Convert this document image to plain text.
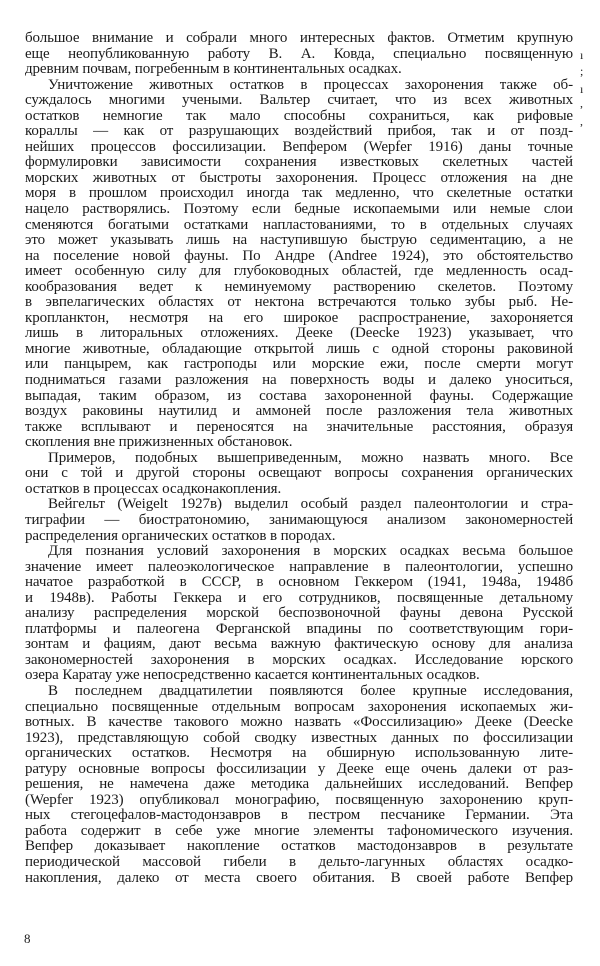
большое внимание и собрали много интересных фактов. Отметим крупную
еще неопубликованную работу В. А. Ковда, специально посвященную
древним почвам, погребенным в континентальных осадках.
Уничтожение животных остатков в процессах захоронения также об-
суждалось многими учеными. Вальтер считает, что из всех животных
остатков немногие так мало способны сохраниться, как рифовые
кораллы — как от разрушающих воздействий прибоя, так и от позд-
нейших процессов фоссилизации. Вепфером (Wepfer 1916) даны точные
формулировки зависимости сохранения известковых скелетных частей
морских животных от быстроты захоронения. Процесс отложения на дне
моря в прошлом происходил иногда так медленно, что скелетные остатки
нацело растворялись. Поэтому если бедные ископаемыми или немые слои
сменяются богатыми остатками напластованиями, то в отдельных случаях
это может указывать лишь на наступившую быструю седиментацию, а не
на поселение новой фауны. По Андре (Andree 1924), это обстоятельство
имеет особенную силу для глубоководных областей, где медленность осад-
кообразования ведет к неминуемому растворению скелетов. Поэтому
в эвпелагических областях от нектона встречаются только зубы рыб. Не-
кропланктон, несмотря на его широкое распространение, захороняется
лишь в литоральных отложениях. Деeке (Deecke 1923) указывает, что
многие животные, обладающие открытой лишь с одной стороны раковиной
или панцырем, как гастроподы или морские ежи, после смерти могут
подниматься газами разложения на поверхность воды и далеко уноситься,
выпадая, таким образом, из состава захороненной фауны. Содержащие
воздух раковины наутилид и аммоней после разложения тела животных
также всплывают и переносятся на значительные расстояния, образуя
скопления вне прижизненных обстановок.
Примеров, подобных вышеприведенным, можно назвать много. Все
они с той и другой стороны освещают вопросы сохранения органических
остатков в процессах осадконакопления.
Вейгельт (Weigelt 1927в) выделил особый раздел палеонтологии и стра-
тиграфии — биостратономию, занимающуюся анализом закономерностей
распределения органических остатков в породах.
Для познания условий захоронения в морских осадках весьма большое
значение имеет палеоэкологическое направление в палеонтологии, успешно
начатое разработкой в СССР, в основном Геккером (1941, 1948а, 1948б
и 1948в). Работы Геккера и его сотрудников, посвященные детальному
анализу распределения морской беспозвоночной фауны девона Русской
платформы и палеогена Ферганской впадины по соответствующим гори-
зонтам и фациям, дают весьма важную фактическую основу для анализа
закономерностей захоронения в морских осадках. Исследование юрского
озера Каратау уже непосредственно касается континентальных осадков.
В последнем двадцатилетии появляются более крупные исследования,
специально посвященные отдельным вопросам захоронения ископаемых жи-
вотных. В качестве такового можно назвать «Фоссилизацию» Деeке (Deecke
1923), представляющую собой сводку известных данных по фоссилизации
органических остатков. Несмотря на обширную использованную лите-
ратуру основные вопросы фоссилизации у Деeке еще очень далеки от раз-
решения, не намечена даже методика дальнейших исследований. Вепфер
(Wepfer 1923) опубликовал монографию, посвященную захоронению круп-
ных стегоцефалов-мастодонзавров в пестром песчанике Германии. Эта
работа содержит в себе уже многие элементы тафономического изучения.
Вепфер доказывает накопление остатков мастодонзавров в результате
периодической массовой гибели в дельто-лагунных областях осадко-
накопления, далеко от места своего обитания. В своей работе Вепфер
ı
;
ı
,
,
8
